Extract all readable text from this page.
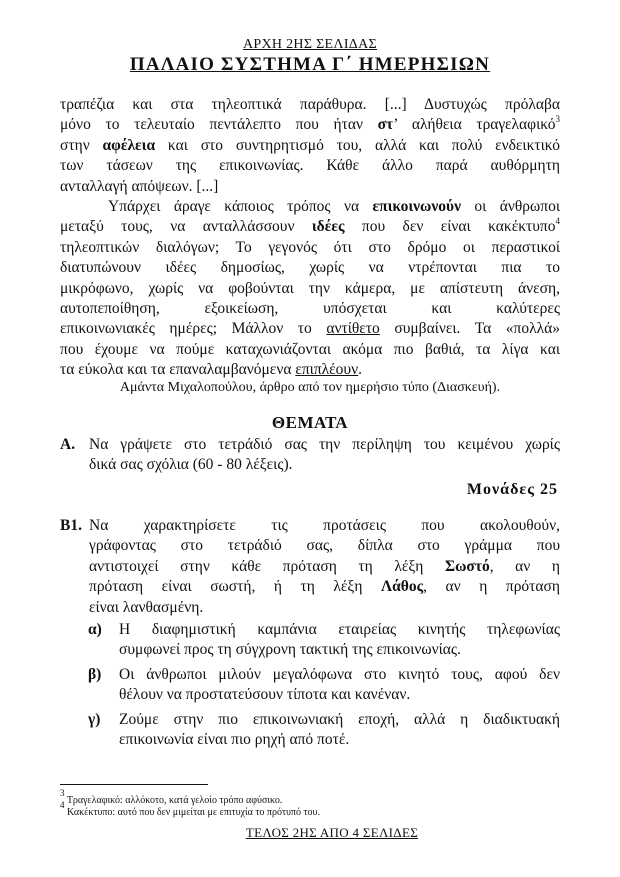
ΑΡΧΗ 2ΗΣ ΣΕΛΙΔΑΣ
ΠΑΛΑΙΟ ΣΥΣΤΗΜΑ Γ΄ ΗΜΕΡΗΣΙΩΝ
τραπέζια και στα τηλεοπτικά παράθυρα. [...] Δυστυχώς πρόλαβα
μόνο το τελευταίο πεντάλεπτο που ήταν στ’ αλήθεια τραγελαφικό$^3$
στην αφέλεια και στο συντηρητισμό του, αλλά και πολύ ενδεικτικό
των τάσεων της επικοινωνίας. Κάθε άλλο παρά αυθόρμητη
ανταλλαγή απόψεων. [...]
Υπάρχει άραγε κάποιος τρόπος να επικοινωνούν οι άνθρωποι
μεταξύ τους, να ανταλλάσσουν ιδέες που δεν είναι κακέκτυπο$^4$
τηλεοπτικών διαλόγων; Το γεγονός ότι στο δρόμο οι περαστικοί
διατυπώνουν ιδέες δημοσίως, χωρίς να ντρέπονται πια το
μικρόφωνο, χωρίς να φοβούνται την κάμερα, με απίστευτη άνεση,
αυτοπεποίθηση, εξοικείωση, υπόσχεται και καλύτερες
επικοινωνιακές ημέρες; Μάλλον το αντίθετο συμβαίνει. Τα «πολλά»
που έχουμε να πούμε καταχωνιάζονται ακόμα πιο βαθιά, τα λίγα και
τα εύκολα και τα επαναλαμβανόμενα επιπλέουν.
Αμάντα Μιχαλοπούλου, άρθρο από τον ημερήσιο τύπο (Διασκευή).
ΘΕΜΑΤΑ
Α. Να γράψετε στο τετράδιό σας την περίληψη του κειμένου χωρίς
δικά σας σχόλια (60 - 80 λέξεις).
Μονάδες 25
Β1. Να χαρακτηρίσετε τις προτάσεις που ακολουθούν,
γράφοντας στο τετράδιό σας, δίπλα στο γράμμα που
αντιστοιχεί στην κάθε πρόταση τη λέξη Σωστό, αν η
πρόταση είναι σωστή, ή τη λέξη Λάθος, αν η πρόταση
είναι λανθασμένη.
α) Η διαφημιστική καμπάνια εταιρείας κινητής τηλεφωνίας
συμφωνεί προς τη σύγχρονη τακτική της επικοινωνίας.
β) Οι άνθρωποι μιλούν μεγαλόφωνα στο κινητό τους, αφού δεν
θέλουν να προστατεύσουν τίποτα και κανέναν.
γ) Ζούμε στην πιο επικοινωνιακή εποχή, αλλά η διαδικτυακή
επικοινωνία είναι πιο ρηχή από ποτέ.
$^3$ Τραγελαφικό: αλλόκοτο, κατά γελοίο τρόπο αφύσικο.
$^4$ Κακέκτυπο: αυτό που δεν μιμείται με επιτυχία το πρότυπό του.
ΤΕΛΟΣ 2ΗΣ ΑΠΟ 4 ΣΕΛΙΔΕΣ
